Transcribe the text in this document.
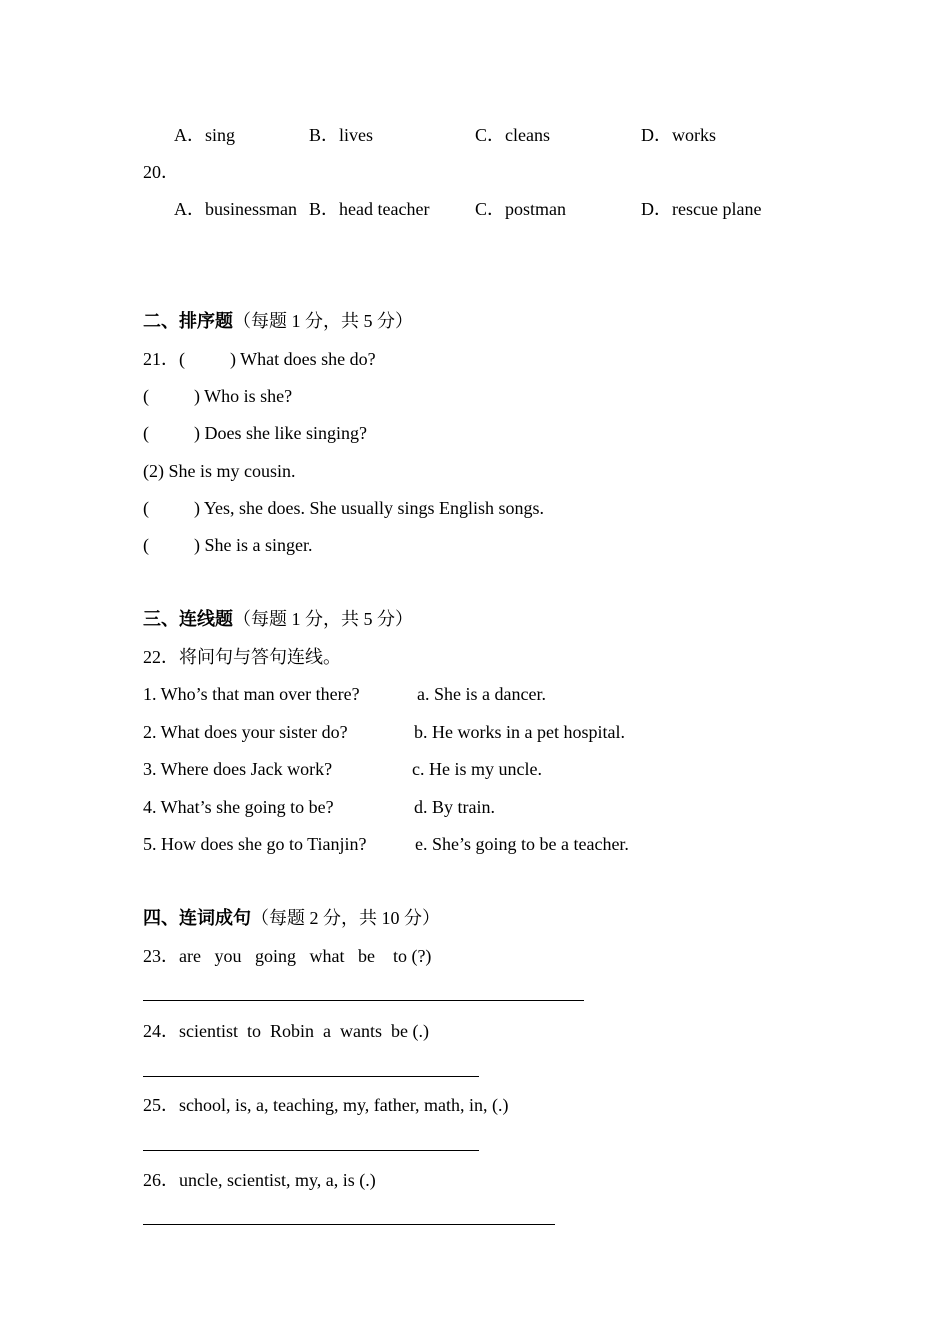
A．sing	B．lives	C．cleans	D．works
20．
A．businessman B．head teacher	C．postman	D．rescue plane
二、排序题（每题 1 分，共 5 分）
21．(          ) What does she do?
(          ) Who is she?
(          ) Does she like singing?
(2) She is my cousin.
(          ) Yes, she does. She usually sings English songs.
(          ) She is a singer.
三、连线题（每题 1 分，共 5 分）
22．将问句与答句连线。
1. Who’s that man over there?	a. She is a dancer.
2. What does your sister do?	b. He works in a pet hospital.
3. Where does Jack work?	c. He is my uncle.
4. What’s she going to be?	d. By train.
5. How does she go to Tianjin?	e. She’s going to be a teacher.
四、连词成句（每题 2 分，共 10 分）
23．are   you   going   what   be    to (?)
24．scientist  to  Robin  a  wants  be (.)
25．school, is, a, teaching, my, father, math, in, (.)
26．uncle, scientist, my, a, is (.)
